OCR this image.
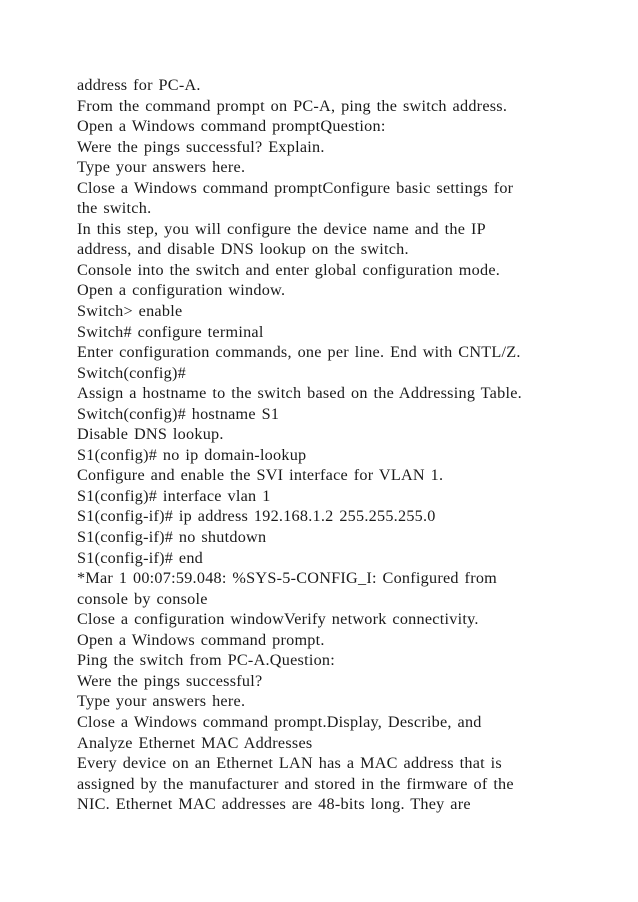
address for PC-A.
From the command prompt on PC-A, ping the switch address.
Open a Windows command promptQuestion:
Were the pings successful? Explain.
Type your answers here.
Close a Windows command promptConfigure basic settings for
the switch.
In this step, you will configure the device name and the IP
address, and disable DNS lookup on the switch.
Console into the switch and enter global configuration mode.
Open a configuration window.
Switch> enable
Switch# configure terminal
Enter configuration commands, one per line. End with CNTL/Z.
Switch(config)#
Assign a hostname to the switch based on the Addressing Table.
Switch(config)# hostname S1
Disable DNS lookup.
S1(config)# no ip domain-lookup
Configure and enable the SVI interface for VLAN 1.
S1(config)# interface vlan 1
S1(config-if)# ip address 192.168.1.2 255.255.255.0
S1(config-if)# no shutdown
S1(config-if)# end
*Mar 1 00:07:59.048: %SYS-5-CONFIG_I: Configured from
console by console
Close a configuration windowVerify network connectivity.
Open a Windows command prompt.
Ping the switch from PC-A.Question:
Were the pings successful?
Type your answers here.
Close a Windows command prompt.Display, Describe, and
Analyze Ethernet MAC Addresses
Every device on an Ethernet LAN has a MAC address that is
assigned by the manufacturer and stored in the firmware of the
NIC. Ethernet MAC addresses are 48-bits long. They are
